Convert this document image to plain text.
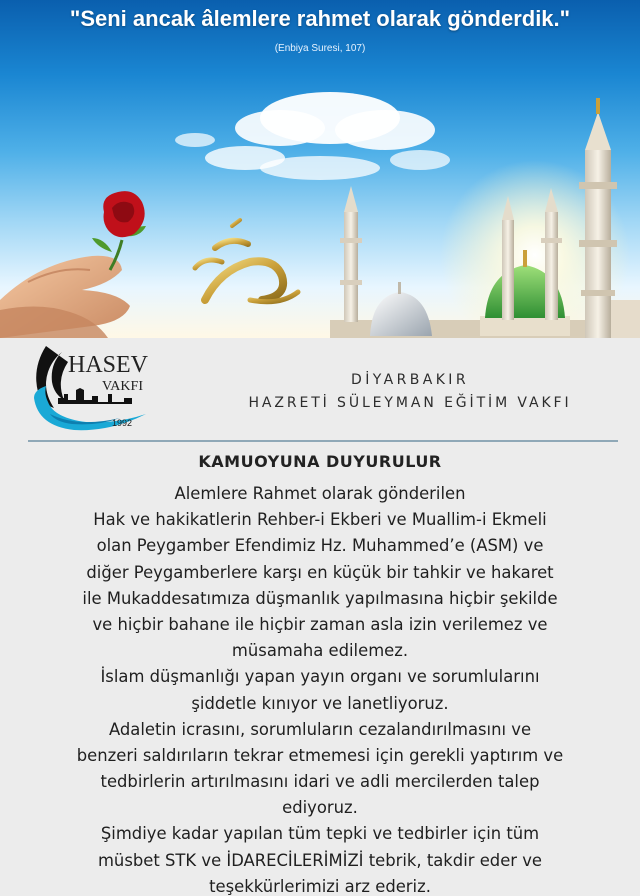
"Seni ancak âlemlere rahmet olarak gönderdik."
(Enbiya Suresi, 107)
HASEV
VAKFI
1992
DİYARBAKIR
HAZRETİ SÜLEYMAN EĞİTİM VAKFI
KAMUOYUNA DUYURULUR
Alemlere Rahmet olarak gönderilen
Hak ve hakikatlerin Rehber-i Ekberi ve Muallim-i Ekmeli
olan Peygamber Efendimiz Hz. Muhammed’e (ASM) ve
diğer Peygamberlere karşı en küçük bir tahkir ve hakaret
ile Mukaddesatımıza düşmanlık yapılmasına hiçbir şekilde
ve hiçbir bahane ile hiçbir zaman asla izin verilemez ve
müsamaha edilemez.
İslam düşmanlığı yapan yayın organı ve sorumlularını
şiddetle kınıyor ve lanetliyoruz.
Adaletin icrasını, sorumluların cezalandırılmasını ve
benzeri saldırıların tekrar etmemesi için gerekli yaptırım ve
tedbirlerin artırılmasını idari ve adli mercilerden talep
ediyoruz.
Şimdiye kadar yapılan tüm tepki ve tedbirler için tüm
müsbet STK ve İDARECİLERİMİZİ tebrik, takdir eder ve
teşekkürlerimizi arz ederiz.
